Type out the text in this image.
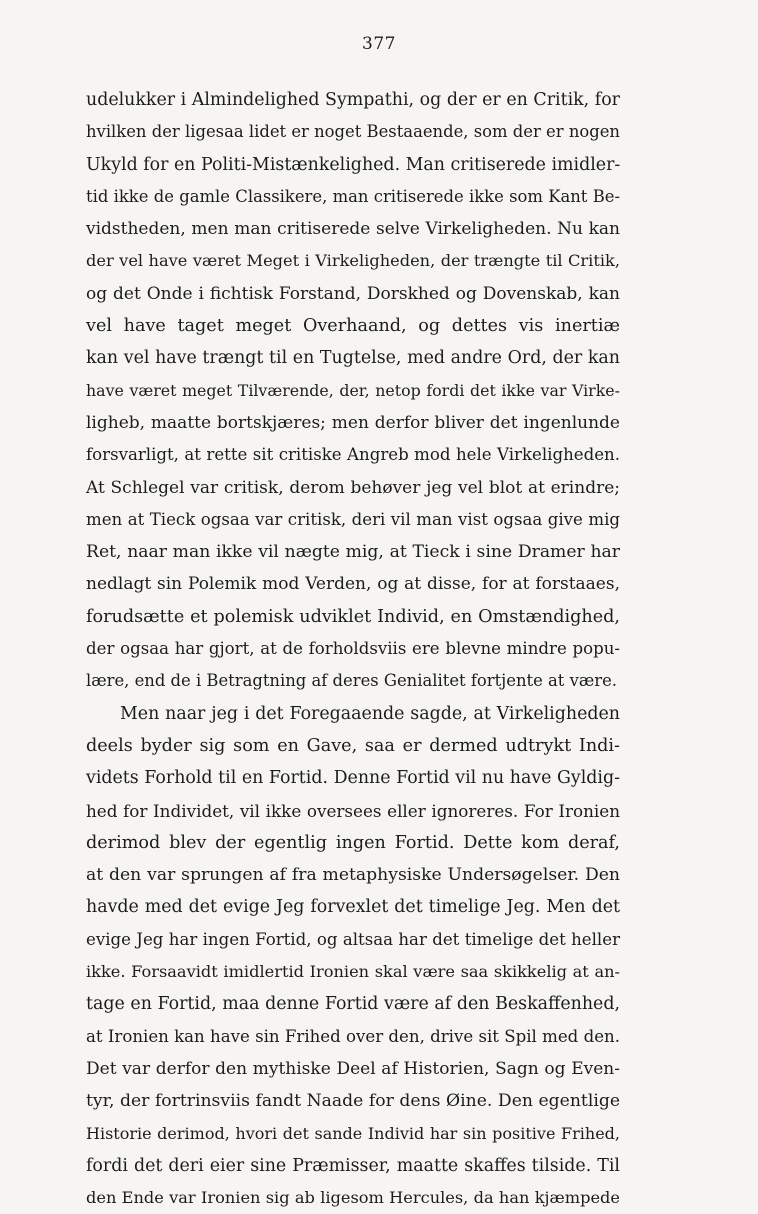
377
udelukker i Almindelighed Sympathi, og der er en Critik, for
hvilken der ligesaa lidet er noget Bestaaende, som der er nogen
Ukyld for en Politi-Mistænkelighed. Man critiserede imidler-
tid ikke de gamle Classikere, man critiserede ikke som Kant Be-
vidstheden, men man critiserede selve Virkeligheden. Nu kan
der vel have været Meget i Virkeligheden, der trængte til Critik,
og det Onde i fichtisk Forstand, Dorskhed og Dovenskab, kan
vel have taget meget Overhaand, og dettes vis inertiæ
kan vel have trængt til en Tugtelse, med andre Ord, der kan
have været meget Tilværende, der, netop fordi det ikke var Virke-
ligheb, maatte bortskjæres; men derfor bliver det ingenlunde
forsvarligt, at rette sit critiske Angreb mod hele Virkeligheden.
At Schlegel var critisk, derom behøver jeg vel blot at erindre;
men at Tieck ogsaa var critisk, deri vil man vist ogsaa give mig
Ret, naar man ikke vil nægte mig, at Tieck i sine Dramer har
nedlagt sin Polemik mod Verden, og at disse, for at forstaaes,
forudsætte et polemisk udviklet Individ, en Omstændighed,
der ogsaa har gjort, at de forholdsviis ere blevne mindre popu-
lære, end de i Betragtning af deres Genialitet fortjente at være.
Men naar jeg i det Foregaaende sagde, at Virkeligheden
deels byder sig som en Gave, saa er dermed udtrykt Indi-
videts Forhold til en Fortid. Denne Fortid vil nu have Gyldig-
hed for Individet, vil ikke oversees eller ignoreres. For Ironien
derimod blev der egentlig ingen Fortid. Dette kom deraf,
at den var sprungen af fra metaphysiske Undersøgelser. Den
havde med det evige Jeg forvexlet det timelige Jeg. Men det
evige Jeg har ingen Fortid, og altsaa har det timelige det heller
ikke. Forsaavidt imidlertid Ironien skal være saa skikkelig at an-
tage en Fortid, maa denne Fortid være af den Beskaffenhed,
at Ironien kan have sin Frihed over den, drive sit Spil med den.
Det var derfor den mythiske Deel af Historien, Sagn og Even-
tyr, der fortrinsviis fandt Naade for dens Øine. Den egentlige
Historie derimod, hvori det sande Individ har sin positive Frihed,
fordi det deri eier sine Præmisser, maatte skaffes tilside. Til
den Ende var Ironien sig ab ligesom Hercules, da han kjæmpede
